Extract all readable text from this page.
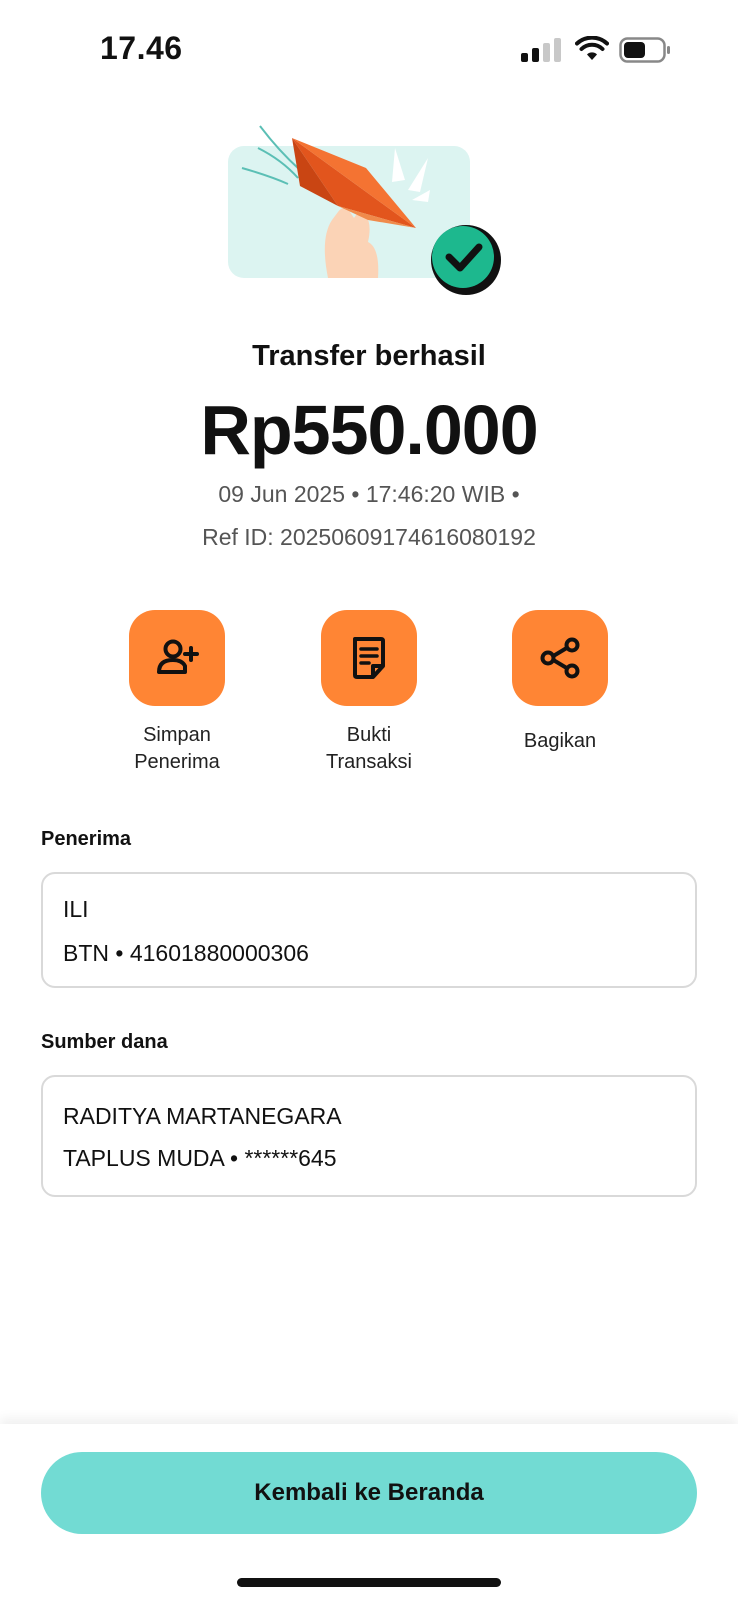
17.46
Transfer berhasil
Rp550.000
09 Jun 2025 • 17:46:20 WIB •
Ref ID: 20250609174616080192
Simpan
Penerima
Bukti
Transaksi
Bagikan
Penerima
ILI
BTN • 41601880000306
Sumber dana
RADITYA MARTANEGARA
TAPLUS MUDA • ******645
Kembali ke Beranda
